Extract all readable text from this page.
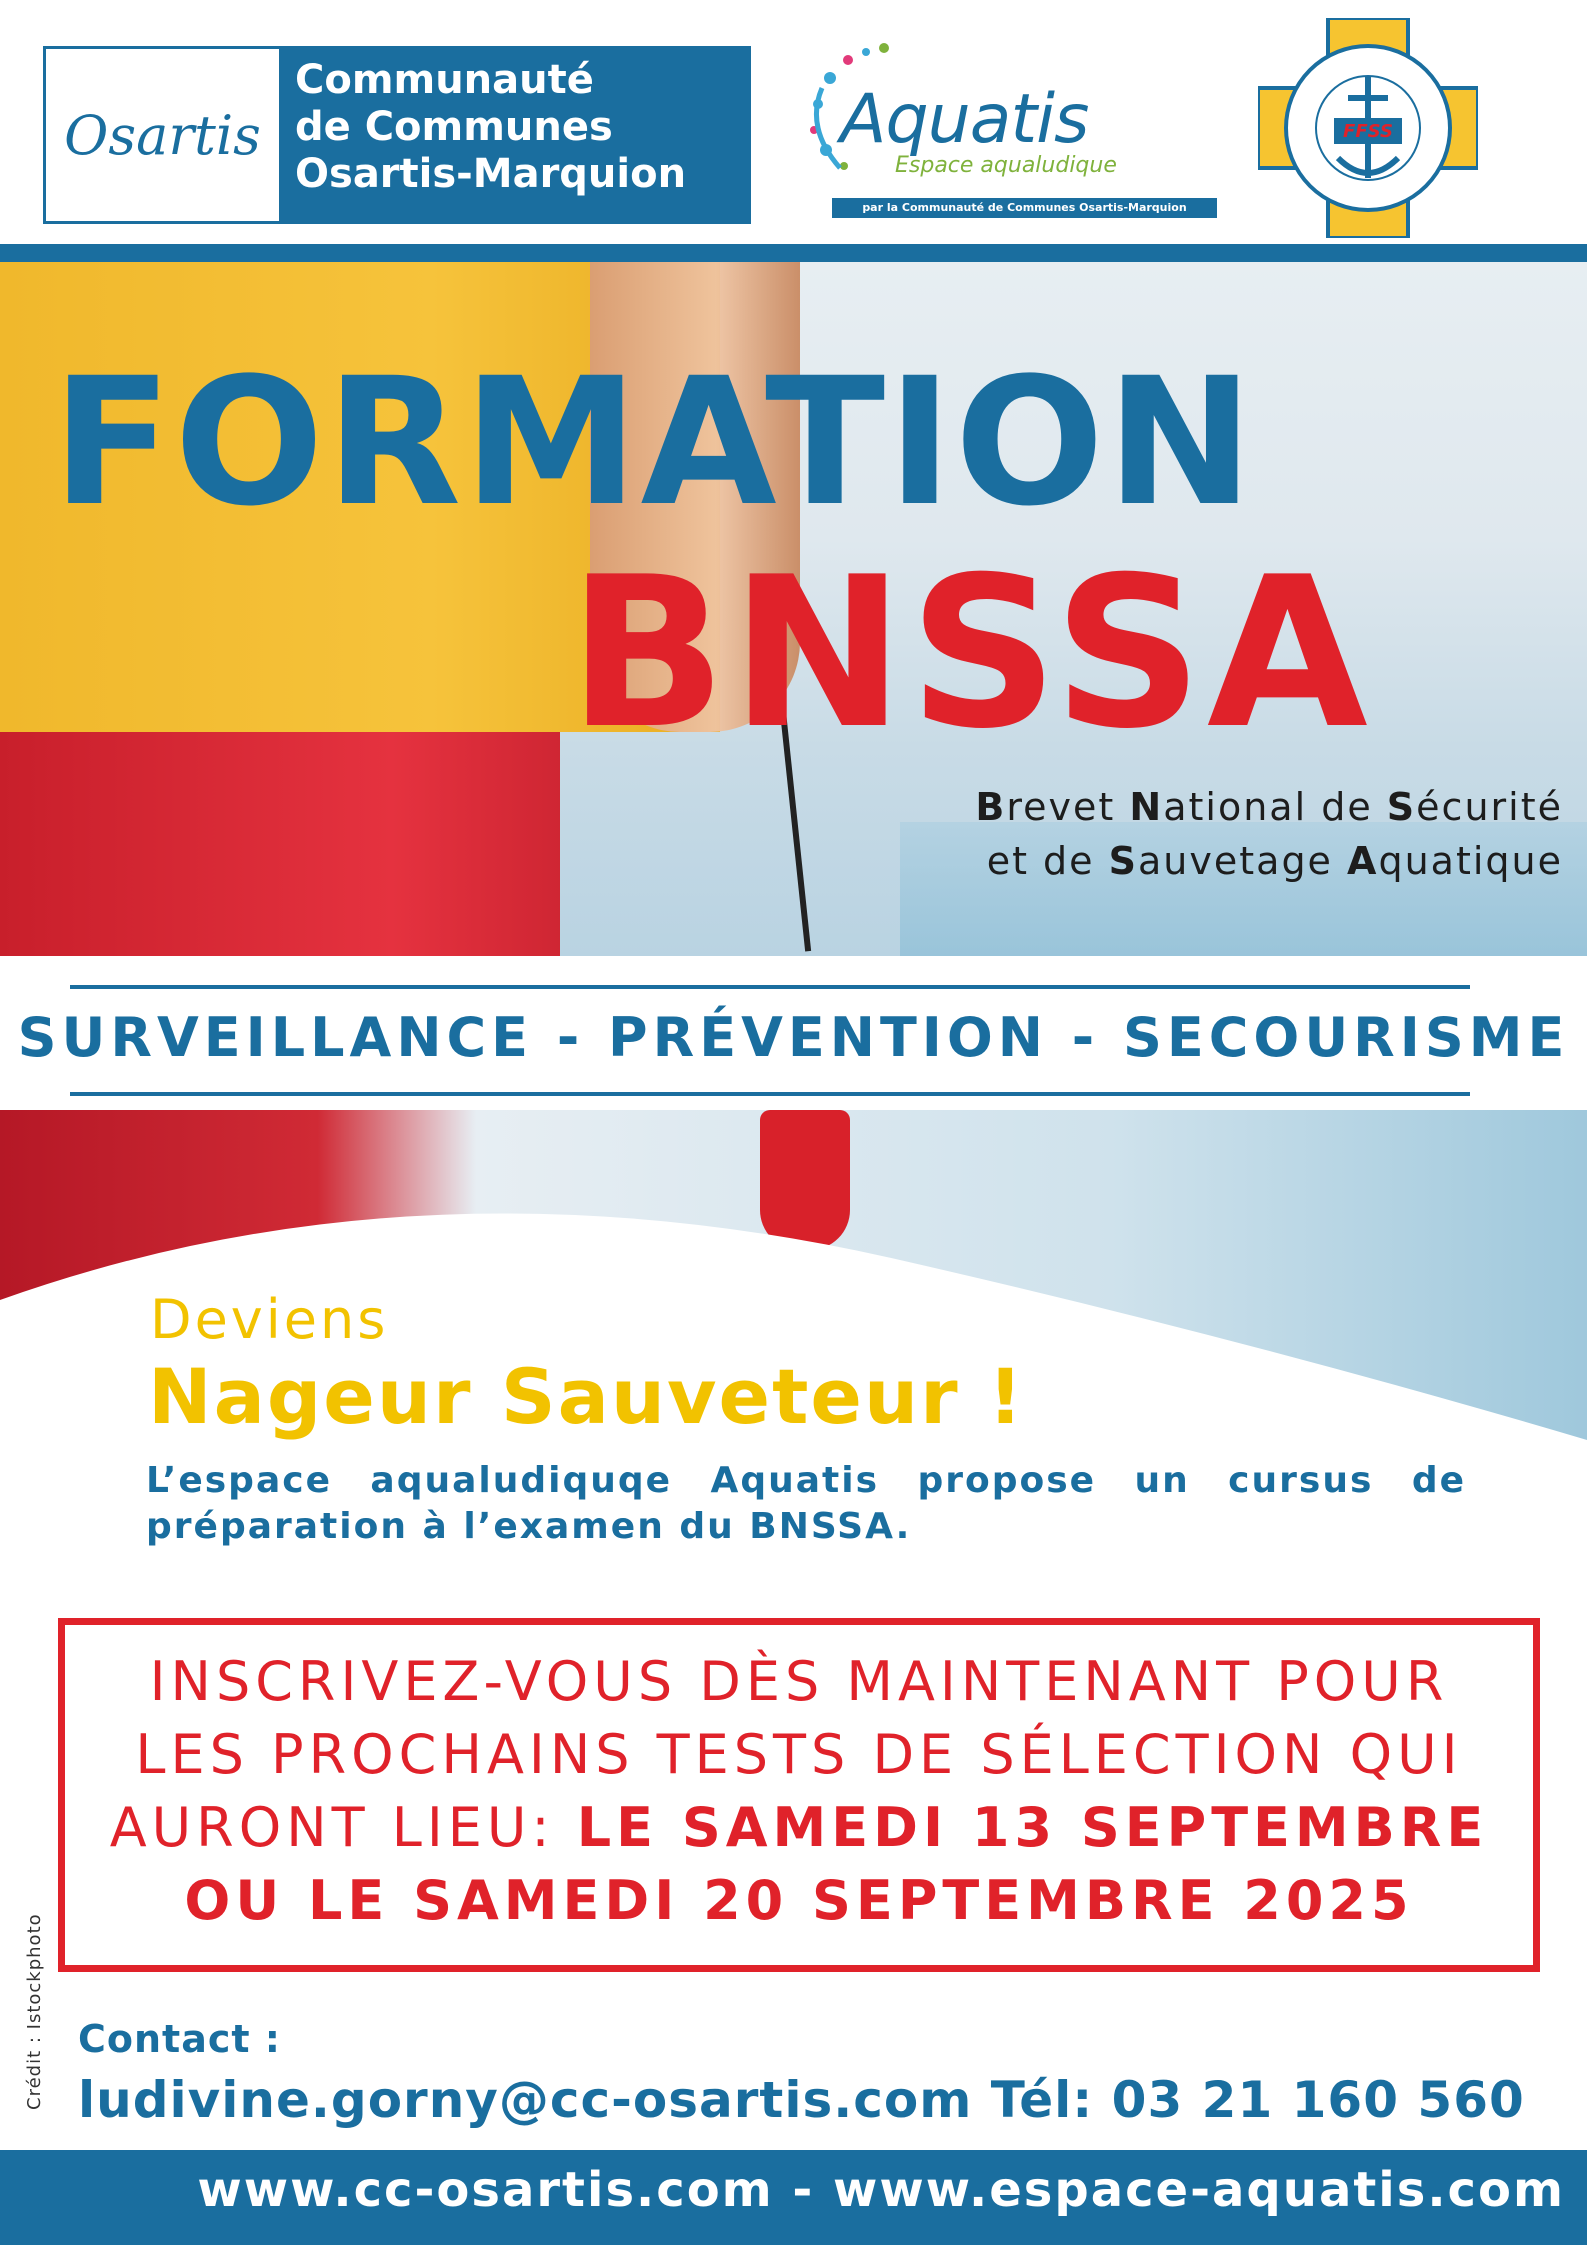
Osartis
Communauté
de Communes
Osartis-Marquion
Aquatis
Espace aqualudique
par la Communauté de Communes Osartis-Marquion
FFSS
FORMATION
BNSSA
Brevet National de Sécurité
et de Sauvetage Aquatique
SURVEILLANCE - PRÉVENTION - SECOURISME
Deviens
Nageur Sauveteur !
L’espace aqualudiquqe Aquatis propose un cursus de préparation à l’examen du BNSSA.
INSCRIVEZ-VOUS DÈS MAINTENANT POUR
LES PROCHAINS TESTS DE SÉLECTION QUI
AURONT LIEU: LE SAMEDI 13 SEPTEMBRE
OU LE SAMEDI 20 SEPTEMBRE 2025
Crédit : Istockphoto Contact :
ludivine.gorny@cc-osartis.com Tél: 03 21 160 560
www.cc-osartis.com - www.espace-aquatis.com
